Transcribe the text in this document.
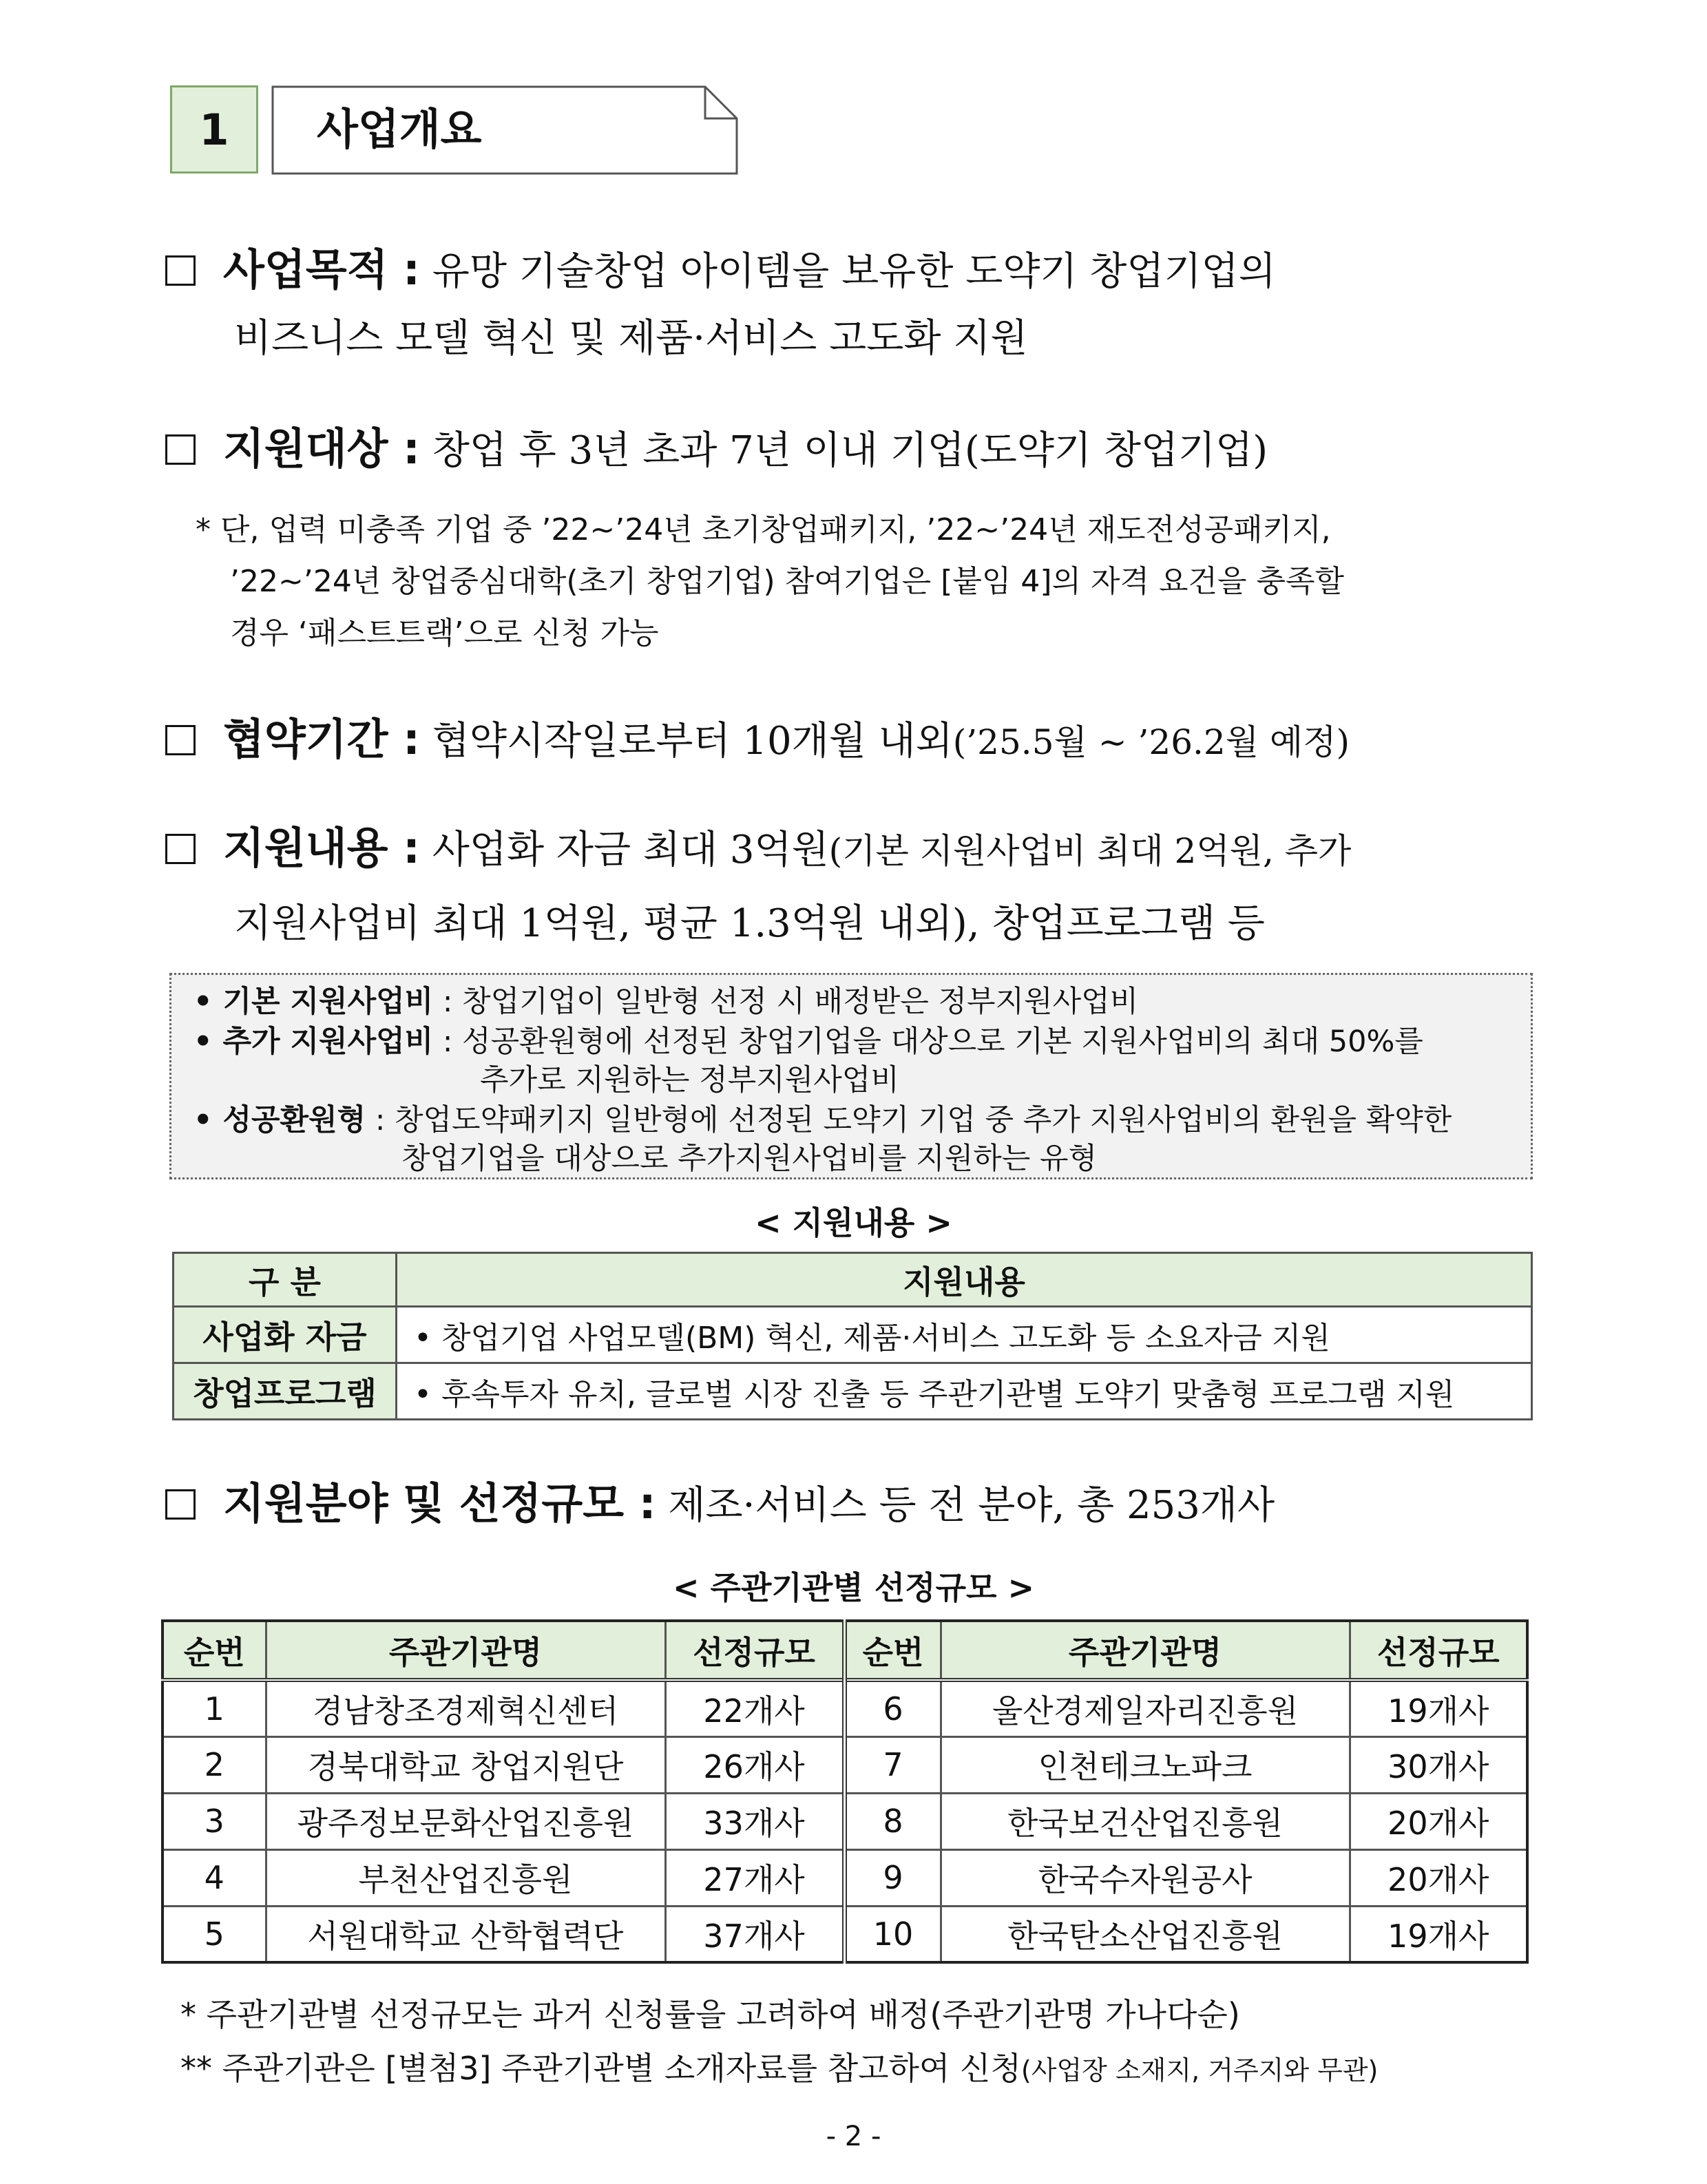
1	사업개요
사업목적 : 유망 기술창업 아이템을 보유한 도약기 창업기업의
비즈니스 모델 혁신 및 제품·서비스 고도화 지원
지원대상 : 창업 후 3년 초과 7년 이내 기업(도약기 창업기업)
* 단, 업력 미충족 기업 중 ’22~’24년 초기창업패키지, ’22~’24년 재도전성공패키지,
’22~’24년 창업중심대학(초기 창업기업) 참여기업은 [붙임 4]의 자격 요건을 충족할
경우 ‘패스트트랙’으로 신청 가능
협약기간 : 협약시작일로부터 10개월 내외(’25.5월 ~ ’26.2월 예정)
지원내용 : 사업화 자금 최대 3억원(기본 지원사업비 최대 2억원, 추가
지원사업비 최대 1억원, 평균 1.3억원 내외), 창업프로그램 등
• 기본 지원사업비 : 창업기업이 일반형 선정 시 배정받은 정부지원사업비
• 추가 지원사업비 : 성공환원형에 선정된 창업기업을 대상으로 기본 지원사업비의 최대 50%를
추가로 지원하는 정부지원사업비
• 성공환원형 : 창업도약패키지 일반형에 선정된 도약기 기업 중 추가 지원사업비의 환원을 확약한
창업기업을 대상으로 추가지원사업비를 지원하는 유형
< 지원내용 >
구 분	지원내용
사업화 자금	• 창업기업 사업모델(BM) 혁신, 제품·서비스 고도화 등 소요자금 지원
창업프로그램	• 후속투자 유치, 글로벌 시장 진출 등 주관기관별 도약기 맞춤형 프로그램 지원
지원분야 및 선정규모 : 제조·서비스 등 전 분야, 총 253개사
< 주관기관별 선정규모 >
순번	주관기관명	선정규모	순번	주관기관명	선정규모
1	경남창조경제혁신센터	22개사	6	울산경제일자리진흥원	19개사
2	경북대학교 창업지원단	26개사	7	인천테크노파크	30개사
3	광주정보문화산업진흥원	33개사	8	한국보건산업진흥원	20개사
4	부천산업진흥원	27개사	9	한국수자원공사	20개사
5	서원대학교 산학협력단	37개사	10	한국탄소산업진흥원	19개사
* 주관기관별 선정규모는 과거 신청률을 고려하여 배정(주관기관명 가나다순)
** 주관기관은 [별첨3] 주관기관별 소개자료를 참고하여 신청(사업장 소재지, 거주지와 무관)
- 2 -
